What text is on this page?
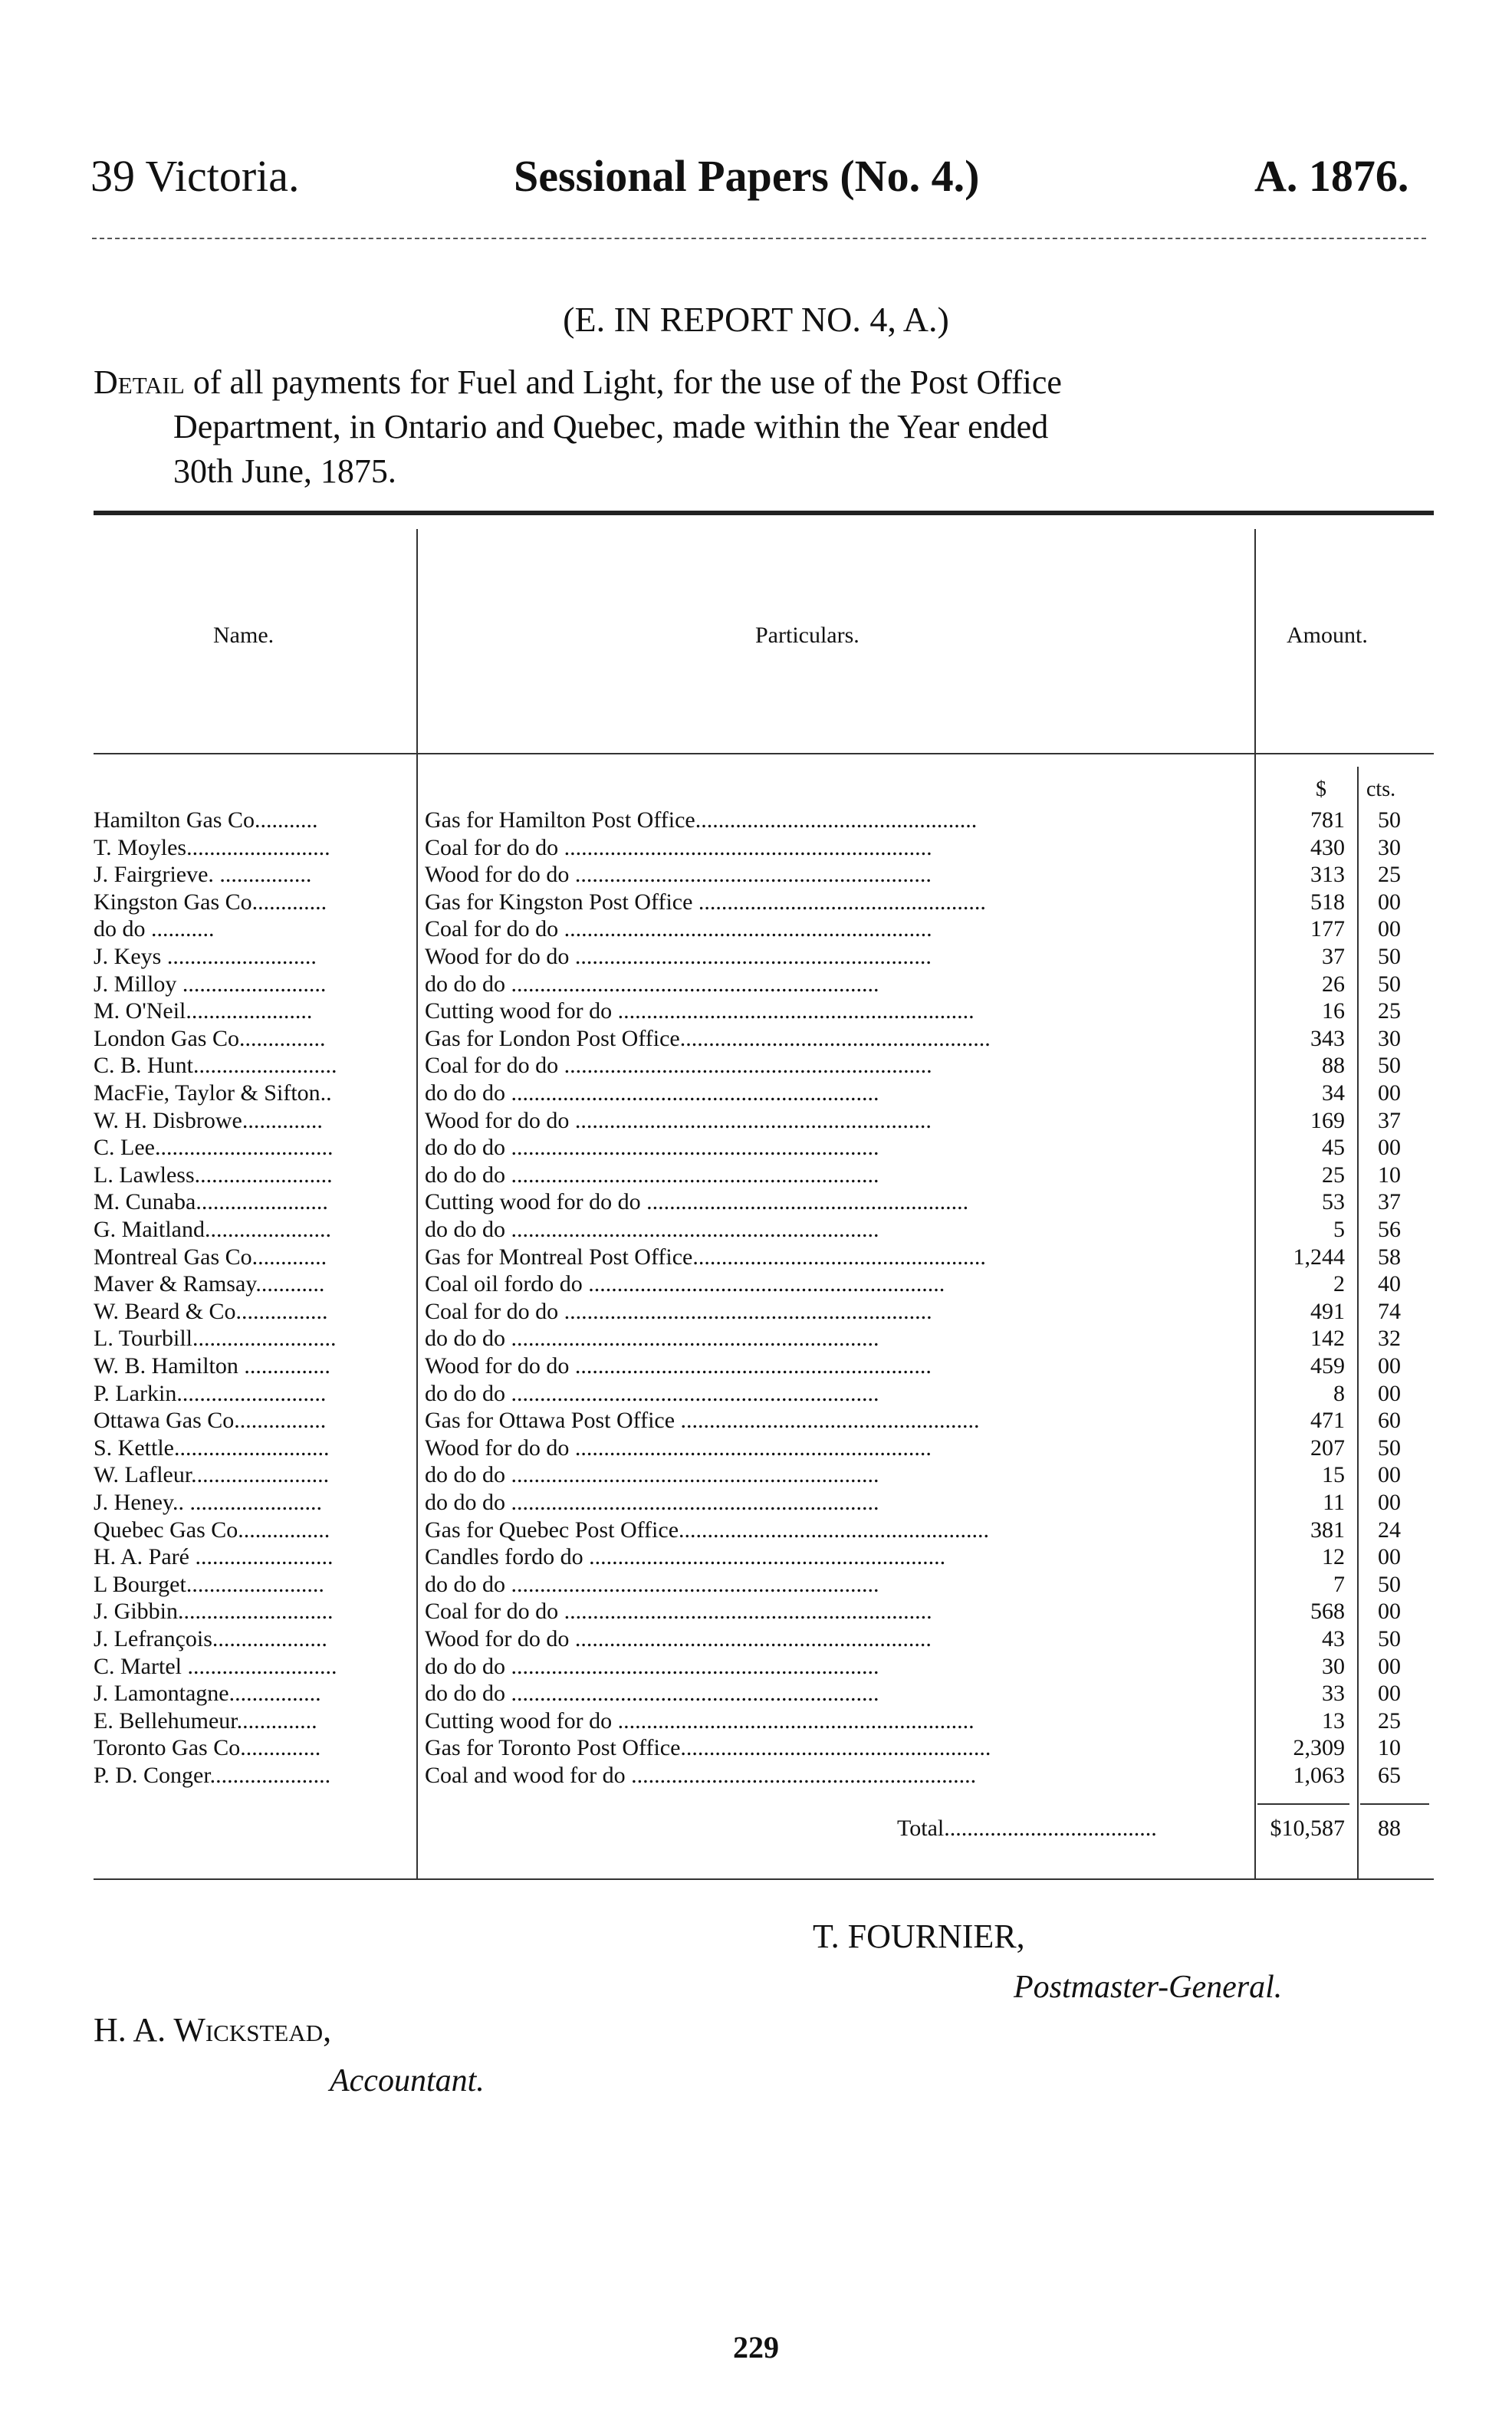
39 Victoria.	Sessional Papers (No. 4.)	A. 1876.
(E. IN REPORT NO. 4, A.)
Detail of all payments for Fuel and Light, for the use of the Post Office
Department, in Ontario and Quebec, made within the Year ended
30th June, 1875.
Name.	Particulars.	Amount.
$ cts.
Hamilton Gas Co...........	Gas for Hamilton Post Office.................................................	781	50
T. Moyles.........................	Coal for do do ................................................................	430	30
J. Fairgrieve. ................	Wood for do do ..............................................................	313	25
Kingston Gas Co.............	Gas for Kingston Post Office ..................................................	518	00
do do ...........	Coal for do do ................................................................	177	00
J. Keys ..........................	Wood for do do ..............................................................	37	50
J. Milloy .........................	do do do ................................................................	26	50
M. O'Neil......................	Cutting wood for do ..............................................................	16	25
London Gas Co...............	Gas for London Post Office......................................................	343	30
C. B. Hunt.........................	Coal for do do ................................................................	88	50
MacFie, Taylor & Sifton..	do do do ................................................................	34	00
W. H. Disbrowe..............	Wood for do do ..............................................................	169	37
C. Lee...............................	do do do ................................................................	45	00
L. Lawless........................	do do do ................................................................	25	10
M. Cunaba.......................	Cutting wood for do do ........................................................	53	37
G. Maitland......................	do do do ................................................................	5	56
Montreal Gas Co.............	Gas for Montreal Post Office...................................................	1,244	58
Maver & Ramsay............	Coal oil fordo do ..............................................................	2	40
W. Beard & Co................	Coal for do do ................................................................	491	74
L. Tourbill.........................	do do do ................................................................	142	32
W. B. Hamilton ...............	Wood for do do ..............................................................	459	00
P. Larkin..........................	do do do ................................................................	8	00
Ottawa Gas Co................	Gas for Ottawa Post Office ....................................................	471	60
S. Kettle...........................	Wood for do do ..............................................................	207	50
W. Lafleur........................	do do do ................................................................	15	00
J. Heney.. .......................	do do do ................................................................	11	00
Quebec Gas Co................	Gas for Quebec Post Office......................................................	381	24
H. A. Paré ........................	Candles fordo do ..............................................................	12	00
L Bourget........................	do do do ................................................................	7	50
J. Gibbin...........................	Coal for do do ................................................................	568	00
J. Lefrançois....................	Wood for do do ..............................................................	43	50
C. Martel ..........................	do do do ................................................................	30	00
J. Lamontagne................	do do do ................................................................	33	00
E. Bellehumeur..............	Cutting wood for do ..............................................................	13	25
Toronto Gas Co..............	Gas for Toronto Post Office......................................................	2,309	10
P. D. Conger.....................	Coal and wood for do ............................................................	1,063	65
Total.....................................	$10,587	88
T. FOURNIER,
Postmaster-General.
H. A. Wickstead,
Accountant.
229
